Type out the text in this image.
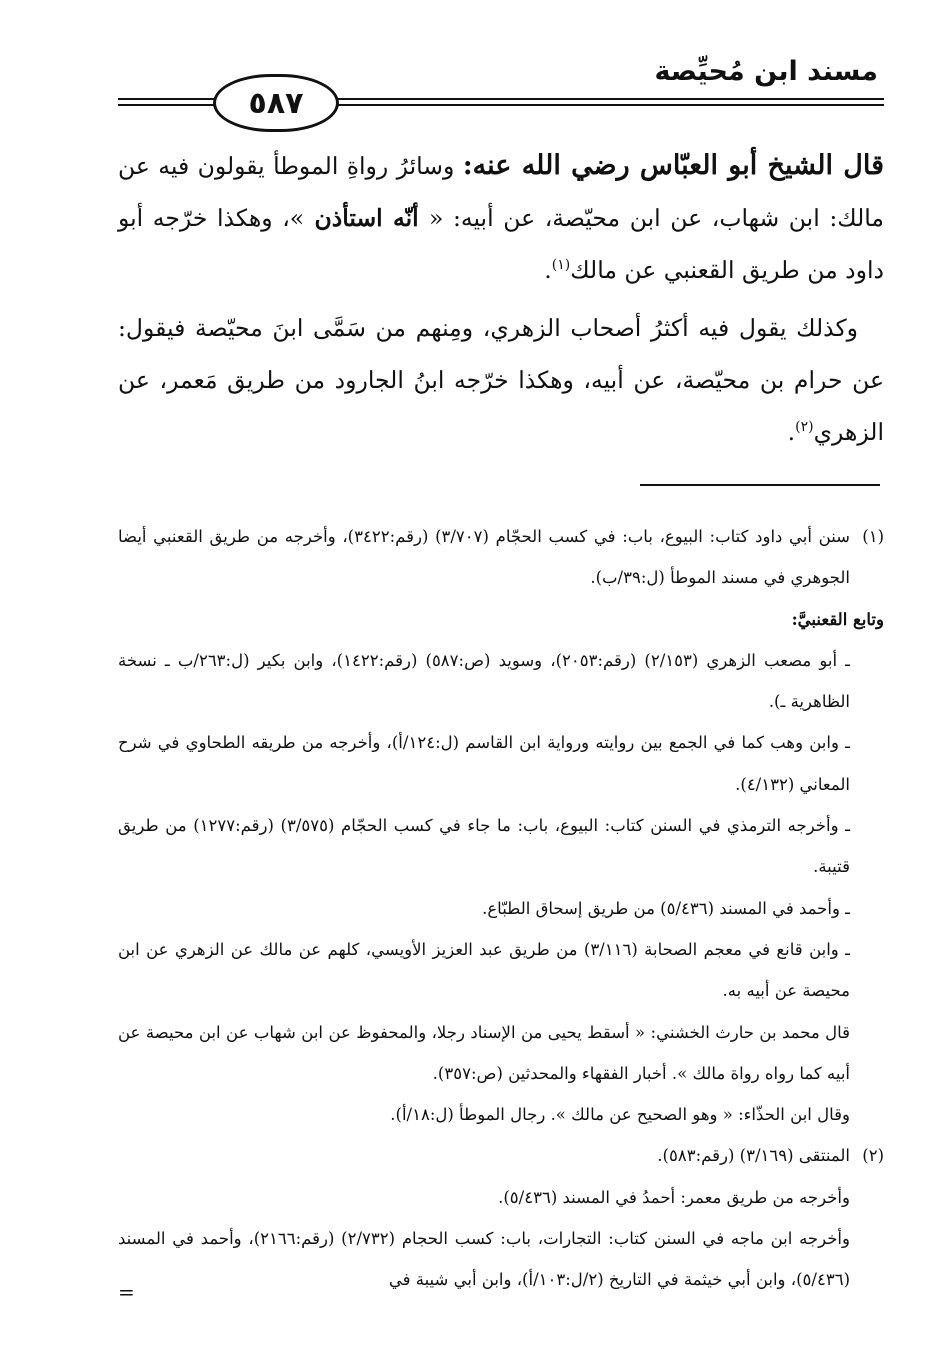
مسند ابن مُحيِّصة
٥٨٧

قال الشيخ أبو العبّاس رضي الله عنه: وسائرُ رواةِ الموطأ يقولون فيه عن مالك: ابن شهاب، عن ابن محيّصة، عن أبيه: « أنّه استأذن »، وهكذا خرّجه أبو داود من طريق القعنبي عن مالك$^{(١)}$.

وكذلك يقول فيه أكثرُ أصحاب الزهري، ومِنهم من سَمَّى ابنَ محيّصة فيقول: عن حرام بن محيّصة، عن أبيه، وهكذا خرّجه ابنُ الجارود من طريق مَعمر، عن الزهري$^{(٢)}$.

(١)سنن أبي داود كتاب: البيوع، باب: في كسب الحجّام (٣/٧٠٧) (رقم:٣٤٢٢)، وأخرجه من طريق القعنبي أيضا الجوهري في مسند الموطأ (ل:٣٩/ب).

وتابع القعنبيَّ:

ـ أبو مصعب الزهري (٢/١٥٣) (رقم:٢٠٥٣)، وسويد (ص:٥٨٧) (رقم:١٤٢٢)، وابن بكير (ل:٢٦٣/ب ـ نسخة الظاهرية ـ).

ـ وابن وهب كما في الجمع بين روايته ورواية ابن القاسم (ل:١٢٤/أ)، وأخرجه من طريقه الطحاوي في شرح المعاني (٤/١٣٢).

ـ وأخرجه الترمذي في السنن كتاب: البيوع، باب: ما جاء في كسب الحجّام (٣/٥٧٥) (رقم:١٢٧٧) من طريق قتيبة.

ـ وأحمد في المسند (٥/٤٣٦) من طريق إسحاق الطبّاع.

ـ وابن قانع في معجم الصحابة (٣/١١٦) من طريق عبد العزيز الأويسي، كلهم عن مالك عن الزهري عن ابن محيصة عن أبيه به.

قال محمد بن حارث الخشني: « أسقط يحيى من الإسناد رجلا، والمحفوظ عن ابن شهاب عن ابن محيصة عن أبيه كما رواه رواة مالك ». أخبار الفقهاء والمحدثين (ص:٣٥٧).

وقال ابن الحذّاء: « وهو الصحيح عن مالك ». رجال الموطأ (ل:١٨/أ).

(٢)المنتقى (٣/١٦٩) (رقم:٥٨٣).

وأخرجه من طريق معمر: أحمدُ في المسند (٥/٤٣٦).

وأخرجه ابن ماجه في السنن كتاب: التجارات، باب: كسب الحجام (٢/٧٣٢) (رقم:٢١٦٦)، وأحمد في المسند (٥/٤٣٦)، وابن أبي خيثمة في التاريخ (٢/ل:١٠٣/أ)، وابن أبي شيبة في

=
